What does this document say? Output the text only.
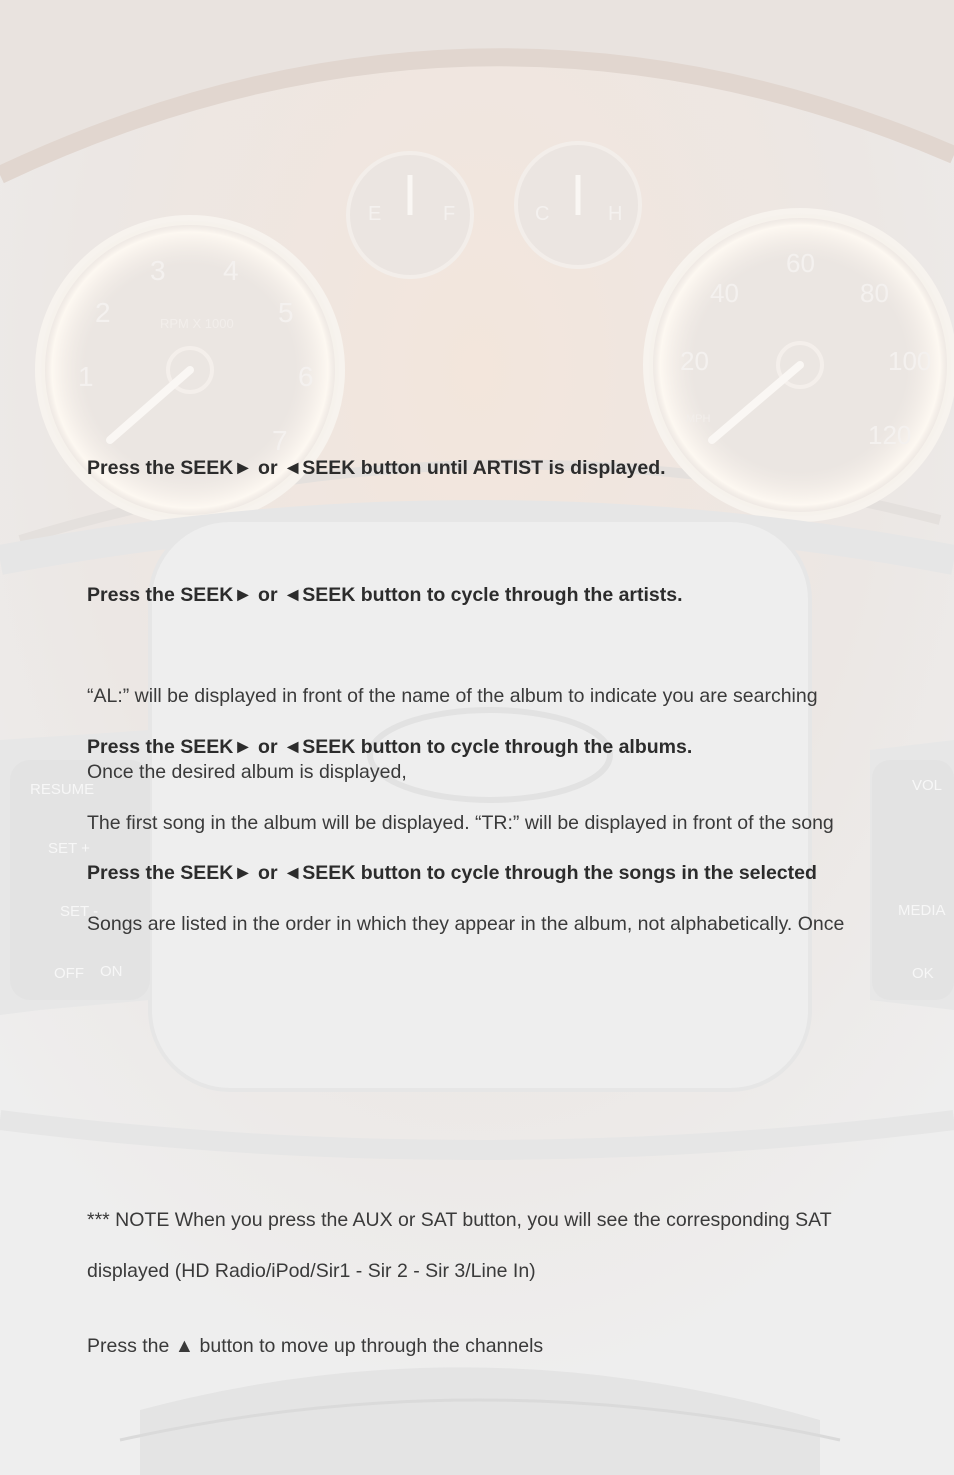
1
2
3 4
5
6
7
RPM X 1000
E	F	C	H
20
40
60
80
100
120
MPH
RESUME
SET +
SET -
OFF ON
VOL
MEDIA
OK
Press the SEEK► or ◄SEEK button until ARTIST is displayed.
Press the SEEK► or ◄SEEK button to cycle through the artists.
“AL:” will be displayed in front of the name of the album to indicate you are searching
Press the SEEK► or ◄SEEK button to cycle through the albums.
Once the desired album is displayed,
The first song in the album will be displayed. “TR:” will be displayed in front of the song
Press the SEEK► or ◄SEEK button to cycle through the songs in the selected
Songs are listed in the order in which they appear in the album, not alphabetically. Once
*** NOTE When you press the AUX or SAT button, you will see the corresponding SAT
displayed (HD Radio/iPod/Sir1 - Sir 2 - Sir 3/Line In)
Press the ▲ button to move up through the channels
